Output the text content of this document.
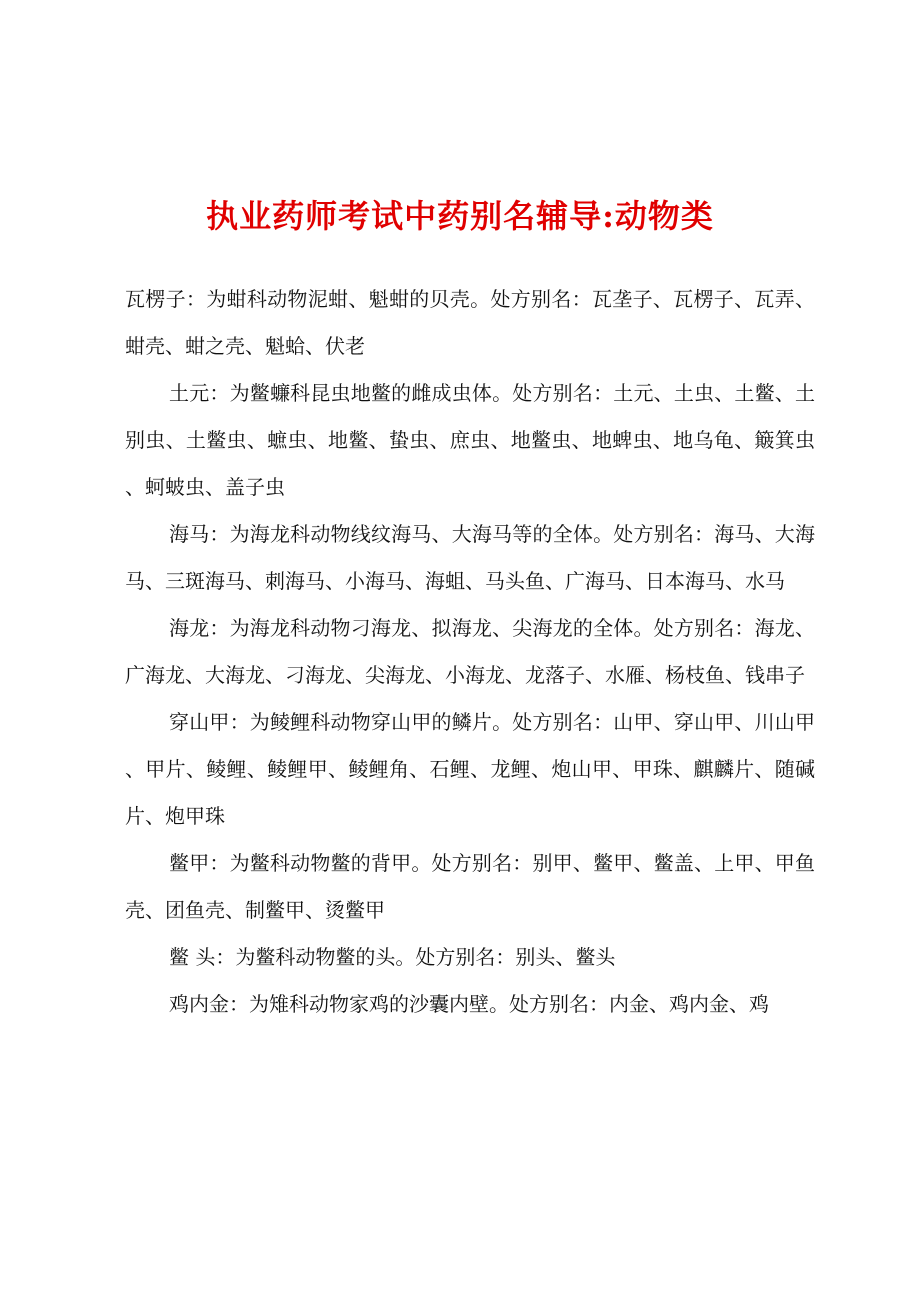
执业药师考试中药别名辅导:动物类

瓦楞子：为蚶科动物泥蚶、魁蚶的贝壳。处方别名：瓦垄子、瓦楞子、瓦弄、蚶壳、蚶之壳、魁蛤、伏老

土元：为鳖蠊科昆虫地鳖的雌成虫体。处方别名：土元、土虫、土鳖、土别虫、土鳖虫、蟅虫、地鳖、蛰虫、庶虫、地鳖虫、地蜱虫、地乌龟、簸箕虫、蚵蚾虫、盖子虫

海马：为海龙科动物线纹海马、大海马等的全体。处方别名：海马、大海马、三斑海马、刺海马、小海马、海蛆、马头鱼、广海马、日本海马、水马

海龙：为海龙科动物刁海龙、拟海龙、尖海龙的全体。处方别名：海龙、广海龙、大海龙、刁海龙、尖海龙、小海龙、龙落子、水雁、杨枝鱼、钱串子

穿山甲：为鲮鲤科动物穿山甲的鳞片。处方别名：山甲、穿山甲、川山甲、甲片、鲮鲤、鲮鲤甲、鲮鲤角、石鲤、龙鲤、炮山甲、甲珠、麒麟片、随碱片、炮甲珠

鳖甲：为鳖科动物鳖的背甲。处方别名：别甲、鳖甲、鳖盖、上甲、甲鱼壳、团鱼壳、制鳖甲、烫鳖甲

鳖 头：为鳖科动物鳖的头。处方别名：别头、鳖头

鸡内金：为雉科动物家鸡的沙囊内壁。处方别名：内金、鸡内金、鸡
